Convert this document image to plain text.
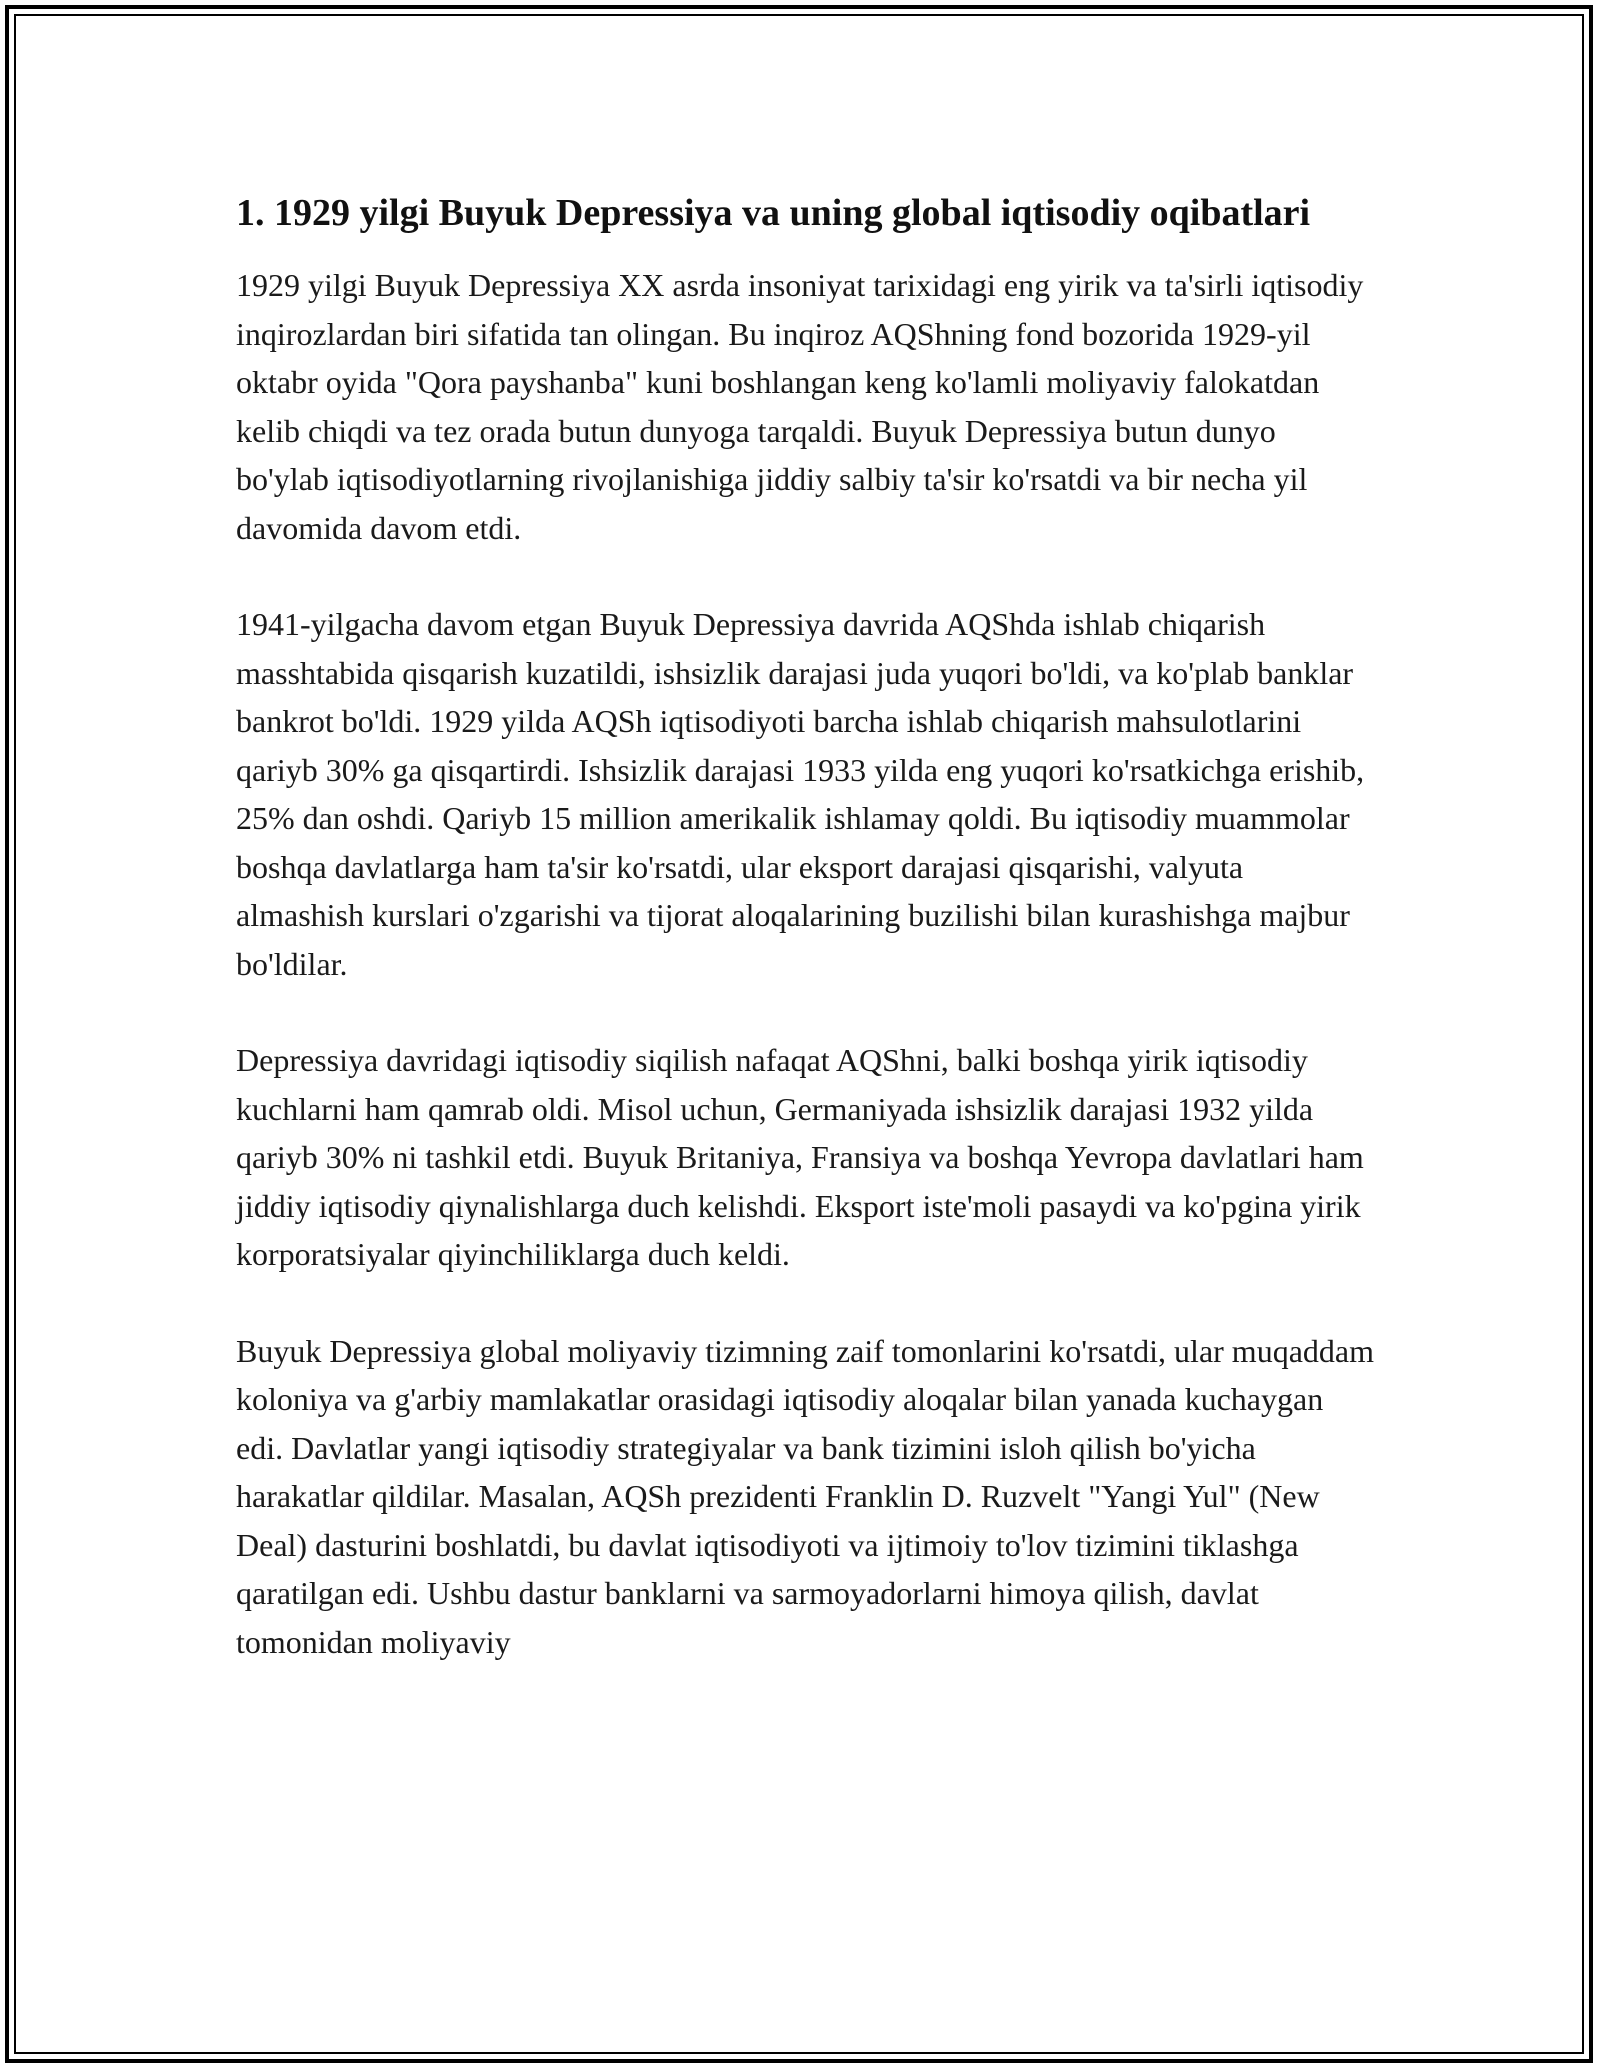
1. 1929 yilgi Buyuk Depressiya va uning global iqtisodiy oqibatlari

1929 yilgi Buyuk Depressiya XX asrda insoniyat tarixidagi eng yirik va ta'sirli iqtisodiy inqirozlardan biri sifatida tan olingan. Bu inqiroz AQShning fond bozorida 1929-yil oktabr oyida "Qora payshanba" kuni boshlangan keng ko'lamli moliyaviy falokatdan kelib chiqdi va tez orada butun dunyoga tarqaldi. Buyuk Depressiya butun dunyo bo'ylab iqtisodiyotlarning rivojlanishiga jiddiy salbiy ta'sir ko'rsatdi va bir necha yil davomida davom etdi.

1941-yilgacha davom etgan Buyuk Depressiya davrida AQShda ishlab chiqarish masshtabida qisqarish kuzatildi, ishsizlik darajasi juda yuqori bo'ldi, va ko'plab banklar bankrot bo'ldi. 1929 yilda AQSh iqtisodiyoti barcha ishlab chiqarish mahsulotlarini qariyb 30% ga qisqartirdi. Ishsizlik darajasi 1933 yilda eng yuqori ko'rsatkichga erishib, 25% dan oshdi. Qariyb 15 million amerikalik ishlamay qoldi. Bu iqtisodiy muammolar boshqa davlatlarga ham ta'sir ko'rsatdi, ular eksport darajasi qisqarishi, valyuta almashish kurslari o'zgarishi va tijorat aloqalarining buzilishi bilan kurashishga majbur bo'ldilar.

Depressiya davridagi iqtisodiy siqilish nafaqat AQShni, balki boshqa yirik iqtisodiy kuchlarni ham qamrab oldi. Misol uchun, Germaniyada ishsizlik darajasi 1932 yilda qariyb 30% ni tashkil etdi. Buyuk Britaniya, Fransiya va boshqa Yevropa davlatlari ham jiddiy iqtisodiy qiynalishlarga duch kelishdi. Eksport iste'moli pasaydi va ko'pgina yirik korporatsiyalar qiyinchiliklarga duch keldi.

Buyuk Depressiya global moliyaviy tizimning zaif tomonlarini ko'rsatdi, ular muqaddam koloniya va g'arbiy mamlakatlar orasidagi iqtisodiy aloqalar bilan yanada kuchaygan edi. Davlatlar yangi iqtisodiy strategiyalar va bank tizimini isloh qilish bo'yicha harakatlar qildilar. Masalan, AQSh prezidenti Franklin D. Ruzvelt "Yangi Yul" (New Deal) dasturini boshlatdi, bu davlat iqtisodiyoti va ijtimoiy to'lov tizimini tiklashga qaratilgan edi. Ushbu dastur banklarni va sarmoyadorlarni himoya qilish, davlat tomonidan moliyaviy
